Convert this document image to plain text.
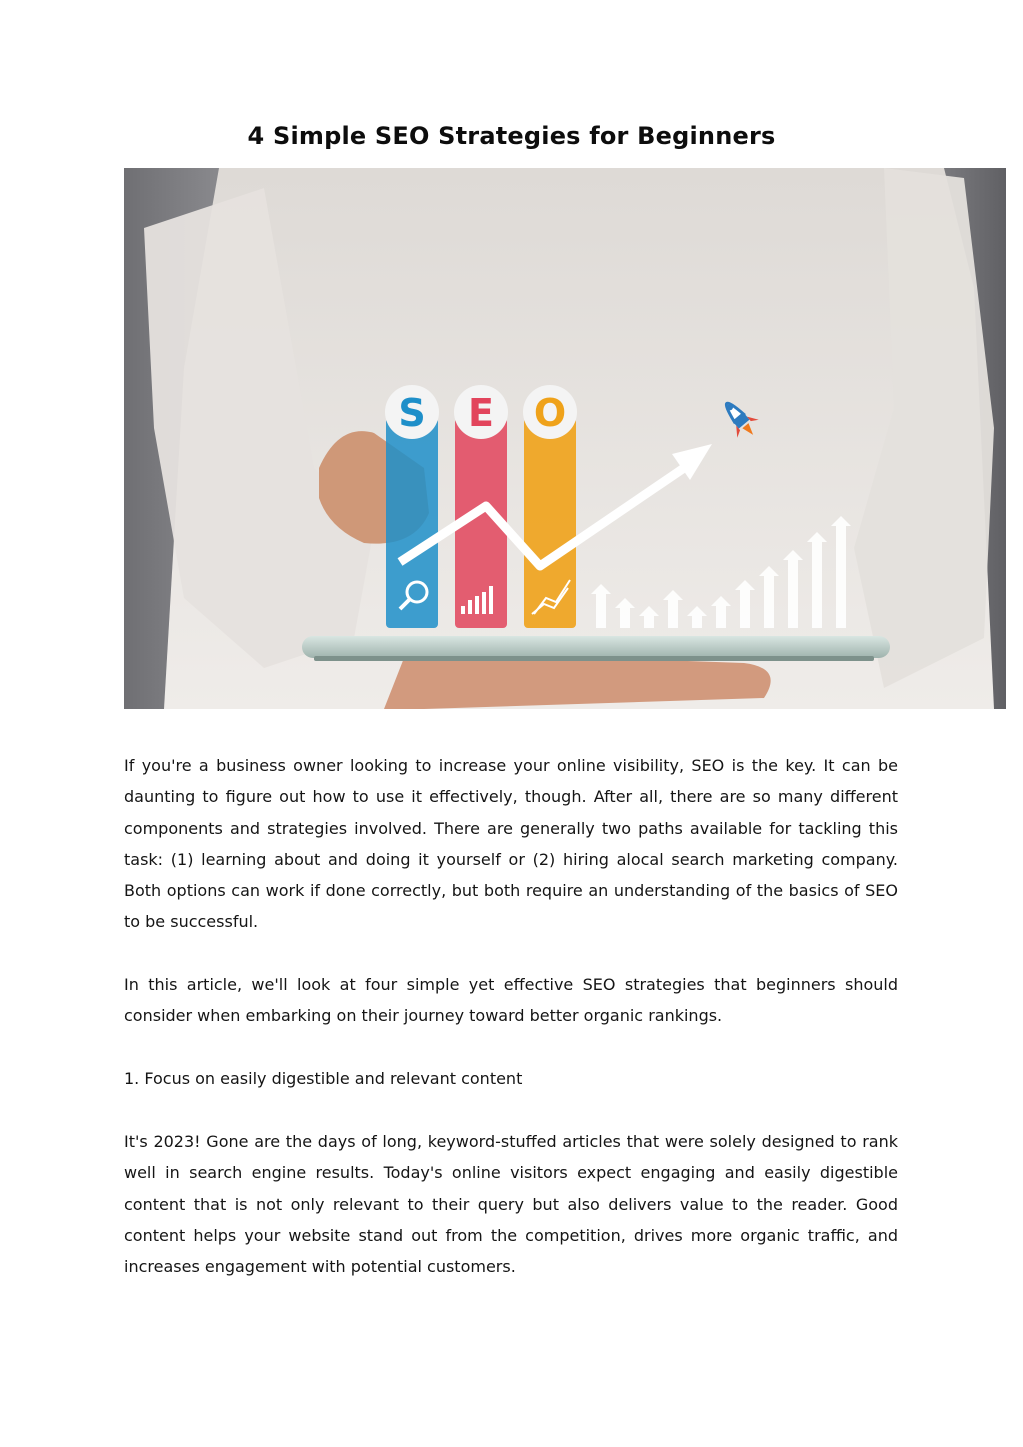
4 Simple SEO Strategies for Beginners
S E O

If you're a business owner looking to increase your online visibility, SEO is the key. It can be daunting to figure out how to use it effectively, though. After all, there are so many different components and strategies involved. There are generally two paths available for tackling this task: (1) learning about and doing it yourself or (2) hiring alocal search marketing company. Both options can work if done correctly, but both require an understanding of the basics of SEO to be successful.

In this article, we'll look at four simple yet effective SEO strategies that beginners should consider when embarking on their journey toward better organic rankings.

1. Focus on easily digestible and relevant content

It's 2023! Gone are the days of long, keyword-stuffed articles that were solely designed to rank well in search engine results. Today's online visitors expect engaging and easily digestible content that is not only relevant to their query but also delivers value to the reader. Good content helps your website stand out from the competition, drives more organic traffic, and increases engagement with potential customers.
